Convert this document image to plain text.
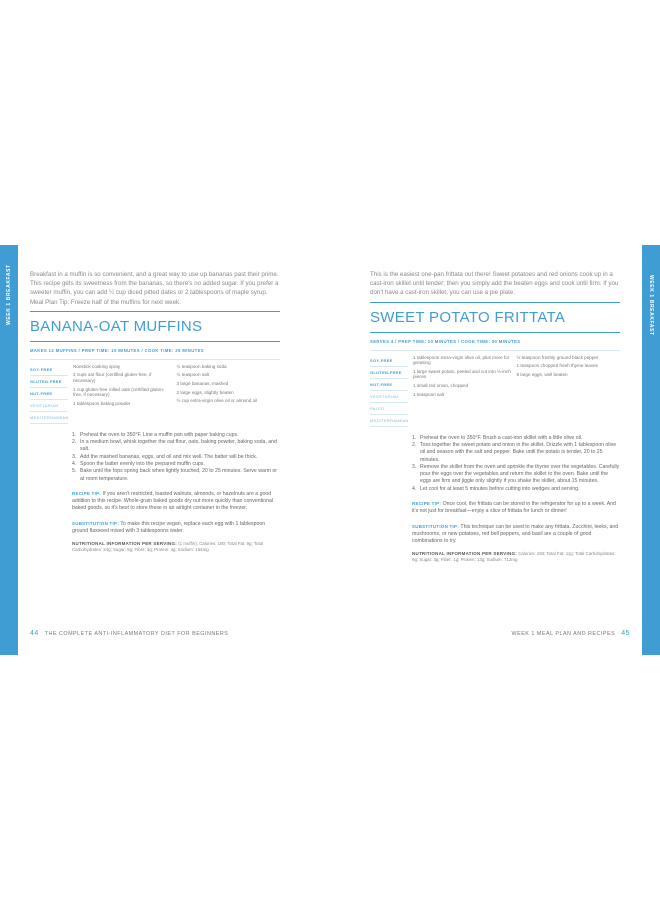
WEEK 1 BREAKFAST	WEEK 1 BREAKFAST

Breakfast in a muffin is so convenient, and a great way to use up bananas past their prime. This recipe gets its sweetness from the bananas, so there's no added sugar. If you prefer a sweeter muffin, you can add ¼ cup diced pitted dates or 2 tablespoons of maple syrup. Meal Plan Tip: Freeze half of the muffins for next week.

BANANA-OAT MUFFINS
MAKES 12 MUFFINS / PREP TIME: 10 MINUTES / COOK TIME: 25 MINUTES
SOY-FREE
GLUTEN-FREE
NUT-FREE
VEGETARIAN
MEDITERRANEAN
Nonstick cooking spray
2 cups oat flour (certified gluten-free, if necessary)
1 cup gluten-free rolled oats (certified gluten-free, if necessary)
1 tablespoon baking powder
½ teaspoon baking soda
½ teaspoon salt
3 large bananas, mashed
2 large eggs, slightly beaten
½ cup extra-virgin olive oil or almond oil
1. Preheat the oven to 350°F. Line a muffin pan with paper baking cups.
2. In a medium bowl, whisk together the oat flour, oats, baking powder, baking soda, and salt.
3. Add the mashed bananas, eggs, and oil and mix well. The batter will be thick.
4. Spoon the batter evenly into the prepared muffin cups.
5. Bake until the tops spring back when lightly touched, 20 to 25 minutes. Serve warm or at room temperature.
RECIPE TIP: If you aren't restricted, toasted walnuts, almonds, or hazelnuts are a good addition to this recipe. Whole-grain baked goods dry out more quickly than conventional baked goods, so it's best to store these in an airtight container in the freezer.
SUBSTITUTION TIP: To make this recipe vegan, replace each egg with 1 tablespoon ground flaxseed mixed with 3 tablespoons water.
NUTRITIONAL INFORMATION PER SERVING: (1 muffin): Calories: 180; Total Fat: 9g; Total Carbohydrates: 24g; Sugar: 5g; Fiber: 3g; Protein: 4g; Sodium: 154mg
44 THE COMPLETE ANTI-INFLAMMATORY DIET FOR BEGINNERS

This is the easiest one-pan frittata out there! Sweet potatoes and red onions cook up in a cast-iron skillet until tender; then you simply add the beaten eggs and cook until firm. If you don't have a cast-iron skillet, you can use a pie plate.

SWEET POTATO FRITTATA
SERVES 4 / PREP TIME: 10 MINUTES / COOK TIME: 30 MINUTES
SOY-FREE
GLUTEN-FREE
NUT-FREE
VEGETARIAN
PALEO
MEDITERRANEAN
1 tablespoon extra-virgin olive oil, plus more for greasing
1 large sweet potato, peeled and cut into ½-inch pieces
1 small red onion, chopped
1 teaspoon salt
½ teaspoon freshly ground black pepper
1 teaspoon chopped fresh thyme leaves
8 large eggs, well beaten
1. Preheat the oven to 350°F. Brush a cast-iron skillet with a little olive oil.
2. Toss together the sweet potato and onion in the skillet. Drizzle with 1 tablespoon olive oil and season with the salt and pepper. Bake until the potato is tender, 20 to 25 minutes.
3. Remove the skillet from the oven and sprinkle the thyme over the vegetables. Carefully pour the eggs over the vegetables and return the skillet to the oven. Bake until the eggs are firm and jiggle only slightly if you shake the skillet, about 15 minutes.
4. Let cool for at least 5 minutes before cutting into wedges and serving.
RECIPE TIP: Once cool, the frittata can be stored in the refrigerator for up to a week. And it's not just for breakfast—enjoy a slice of frittata for lunch or dinner!
SUBSTITUTION TIP: This technique can be used to make any frittata. Zucchini, leeks, and mushrooms, or new potatoes, red bell peppers, and basil are a couple of good combinations to try.
NUTRITIONAL INFORMATION PER SERVING: Calories: 193; Total Fat: 11g; Total Carbohydrates: 9g; Sugar: 3g; Fiber: 1g; Protein: 13g; Sodium: 713mg
WEEK 1 MEAL PLAN AND RECIPES 45
